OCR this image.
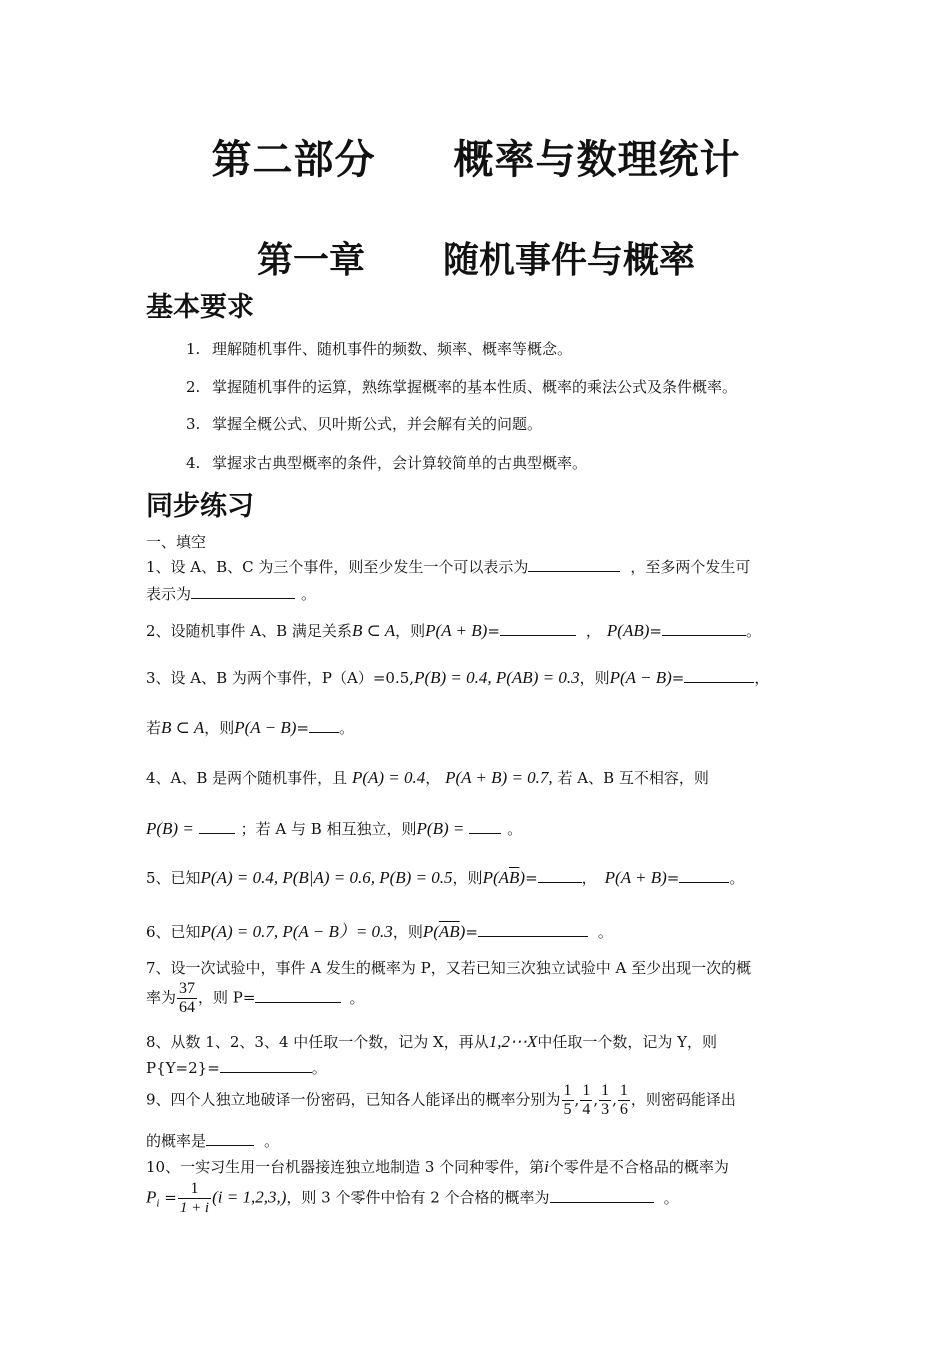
第二部分 概率与数理统计
第一章 随机事件与概率
基本要求
1. 理解随机事件、随机事件的频数、频率、概率等概念。
2. 掌握随机事件的运算，熟练掌握概率的基本性质、概率的乘法公式及条件概率。
3. 掌握全概公式、贝叶斯公式，并会解有关的问题。
4. 掌握求古典型概率的条件，会计算较简单的古典型概率。
同步练习
一、填空
1、设 A、B、C 为三个事件，则至少发生一个可以表示为	，至多两个发生可
表示为	。
2、设随机事件 A、B 满足关系B ⊂ A，则P(A + B)=	， P(AB)=	。
3、设 A、B 为两个事件，P（A）=0.5,P(B) = 0.4, P(AB) = 0.3，则P(A − B)=	，
若B ⊂ A，则P(A − B)= 。
4、A、B 是两个随机事件，且 P(A) = 0.4， P(A + B) = 0.7, 若 A、B 互不相容，则
P(B) =	；若 A 与 B 相互独立，则P(B) =	。
5、已知P(A) = 0.4, P(B|A) = 0.6, P(B) = 0.5，则$P(A\overline{B})=$	， P(A + B)=	。
6、已知P(A) = 0.7, P(A − B）= 0.3，则$P(\overline{AB})=$	。
7、设一次试验中，事件 A 发生的概率为 P，又若已知三次独立试验中 A 至少出现一次的概
率为 $\frac{37}{64}$ ，则 P=	。
8、从数 1、2、3、4 中任取一个数，记为 X，再从1,2⋯X中任取一个数，记为 Y，则
P{Y=2}=	。
9、四个人独立地破译一份密码，已知各人能译出的概率分别为 $\frac{1}{5}$ , $\frac{1}{4}$ , $\frac{1}{3}$ , $\frac{1}{6}$ ，则密码能译出
的概率是	。
10、一实习生用一台机器接连独立地制造 3 个同种零件，第i个零件是不合格品的概率为
$P_i = \frac{1}{1 + i} (i = 1,2,3,)$，则 3 个零件中恰有 2 个合格的概率为	。
